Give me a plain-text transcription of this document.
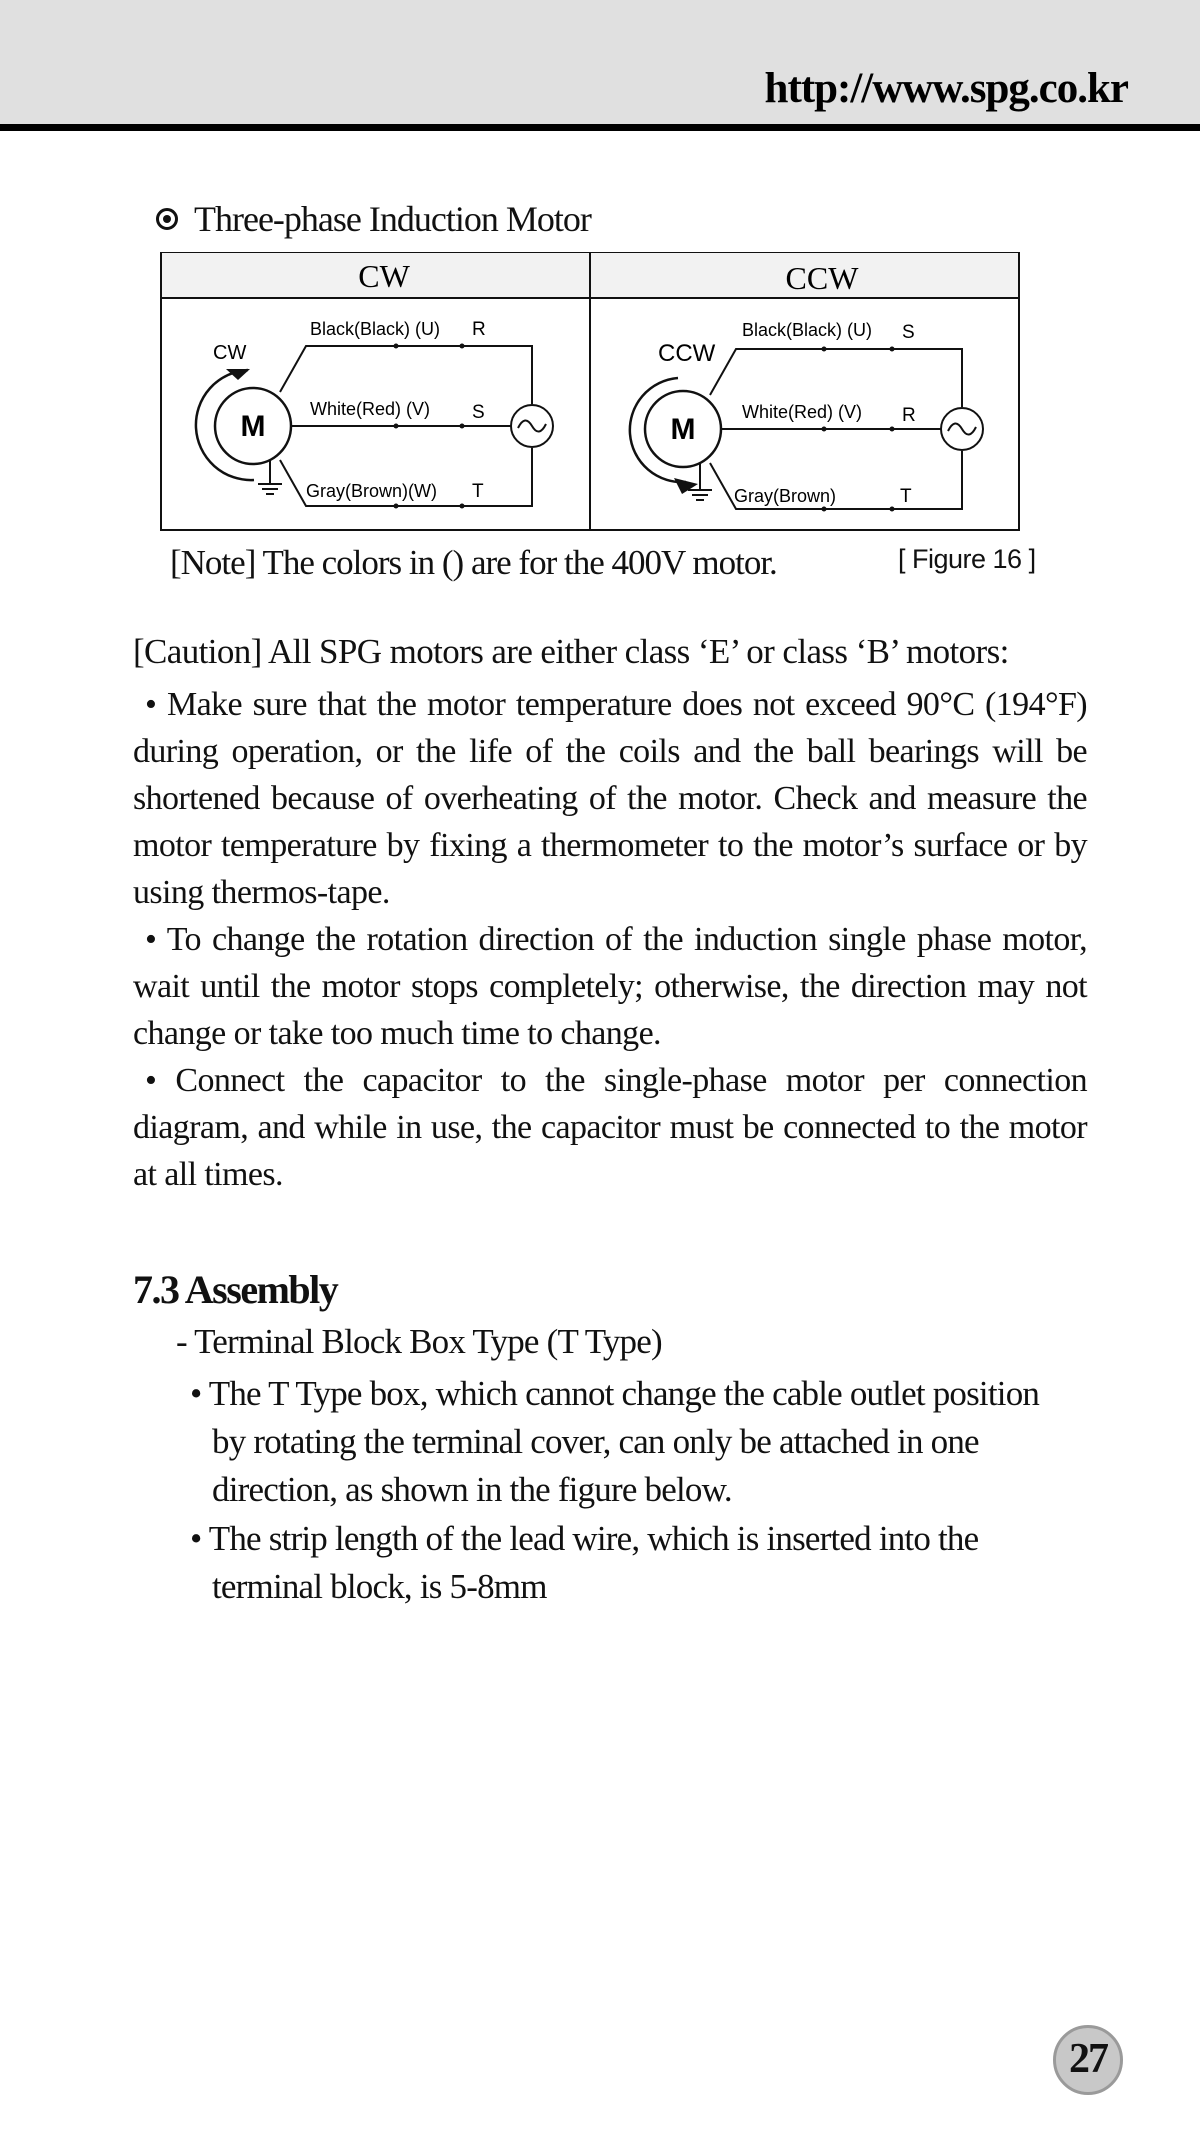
http://www.spg.co.kr
Three-phase Induction Motor
CW	CCW
CW
M
Black(Black) (U) R
White(Red) (V) S
Gray(Brown)(W) T
CCW
M
Black(Black) (U) S
White(Red) (V) R
Gray(Brown)	T
[Note] The colors in () are for the 400V motor.	[ Figure 16 ]
[Caution] All SPG motors are either class ‘E’ or class ‘B’ motors:

• Make sure that the motor temperature does not exceed 90°C (194°F) during operation, or the life of the coils and the ball bearings will be shortened because of overheating of the motor. Check and measure the motor temperature by fixing a thermometer to the motor’s surface or by using thermos-tape.

• To change the rotation direction of the induction single phase motor, wait until the motor stops completely; otherwise, the direction may not change or take too much time to change.

• Connect the capacitor to the single-phase motor per connection diagram, and while in use, the capacitor must be connected to the motor at all times.

7.3 Assembly
- Terminal Block Box Type (T Type)
• The T Type box, which cannot change the cable outlet position
by rotating the terminal cover, can only be attached in one
direction, as shown in the figure below.
• The strip length of the lead wire, which is inserted into the
terminal block, is 5-8mm
27
